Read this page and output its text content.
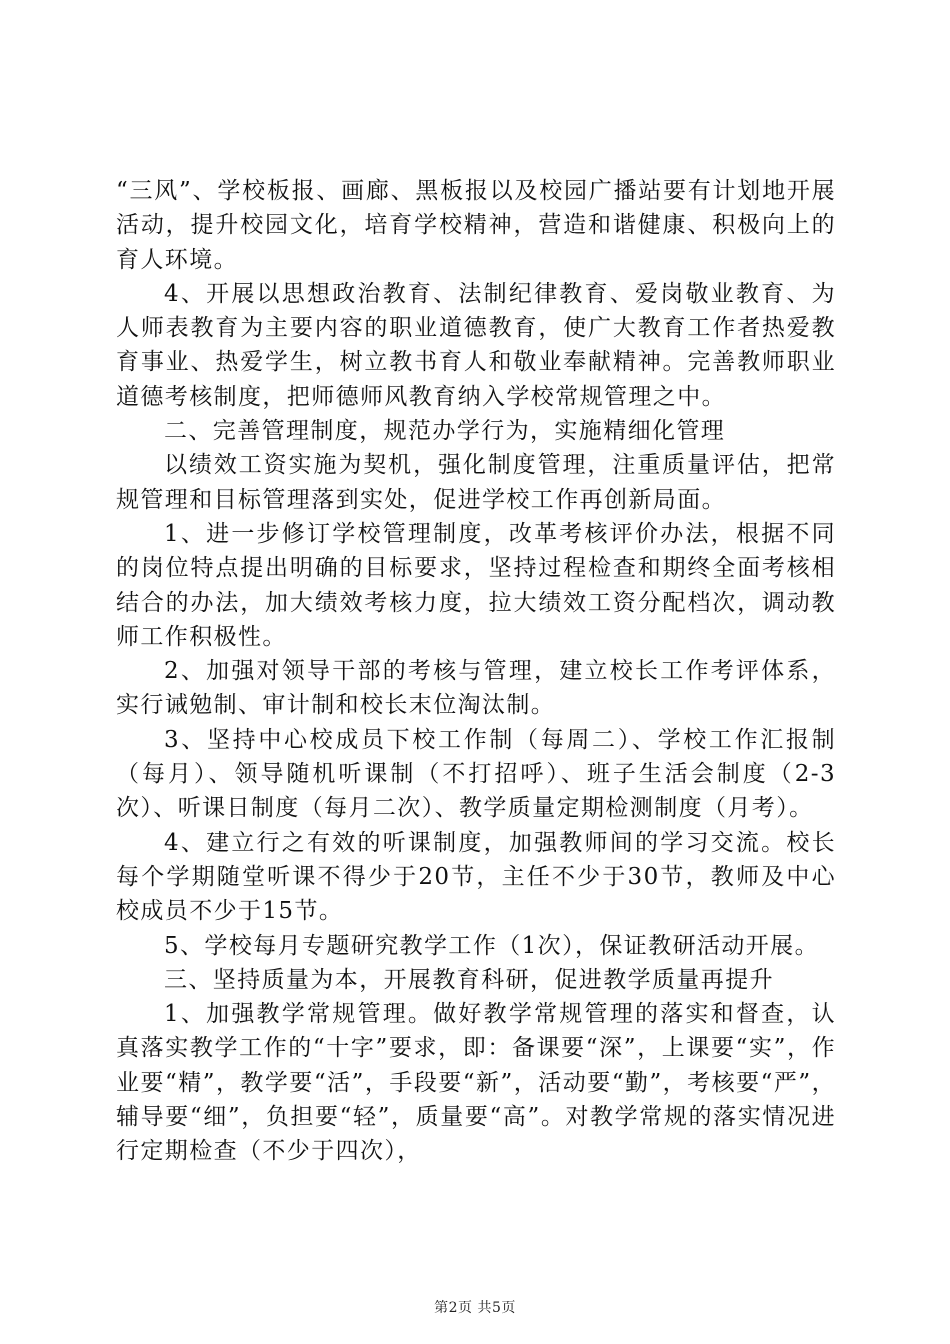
“三风”、学校板报、画廊、黑板报以及校园广播站要有计划地开展活动，提升校园文化，培育学校精神，营造和谐健康、积极向上的育人环境。

4、开展以思想政治教育、法制纪律教育、爱岗敬业教育、为人师表教育为主要内容的职业道德教育，使广大教育工作者热爱教育事业、热爱学生，树立教书育人和敬业奉献精神。完善教师职业道德考核制度，把师德师风教育纳入学校常规管理之中。

二、完善管理制度，规范办学行为，实施精细化管理

以绩效工资实施为契机，强化制度管理，注重质量评估，把常规管理和目标管理落到实处，促进学校工作再创新局面。

1、进一步修订学校管理制度，改革考核评价办法，根据不同的岗位特点提出明确的目标要求，坚持过程检查和期终全面考核相结合的办法，加大绩效考核力度，拉大绩效工资分配档次，调动教师工作积极性。

2、加强对领导干部的考核与管理，建立校长工作考评体系，实行诫勉制、审计制和校长末位淘汰制。

3、坚持中心校成员下校工作制（每周二）、学校工作汇报制（每月）、领导随机听课制（不打招呼）、班子生活会制度（2-3次）、听课日制度（每月二次）、教学质量定期检测制度（月考）。

4、建立行之有效的听课制度，加强教师间的学习交流。校长每个学期随堂听课不得少于20节，主任不少于30节，教师及中心校成员不少于15节。

5、学校每月专题研究教学工作（1次），保证教研活动开展。

三、坚持质量为本，开展教育科研，促进教学质量再提升

1、加强教学常规管理。做好教学常规管理的落实和督查，认真落实教学工作的“十字”要求，即：备课要“深”，上课要“实”，作业要“精”，教学要“活”，手段要“新”，活动要“勤”，考核要“严”，辅导要“细”，负担要“轻”，质量要“高”。对教学常规的落实情况进行定期检查（不少于四次），

第2页 共5页
